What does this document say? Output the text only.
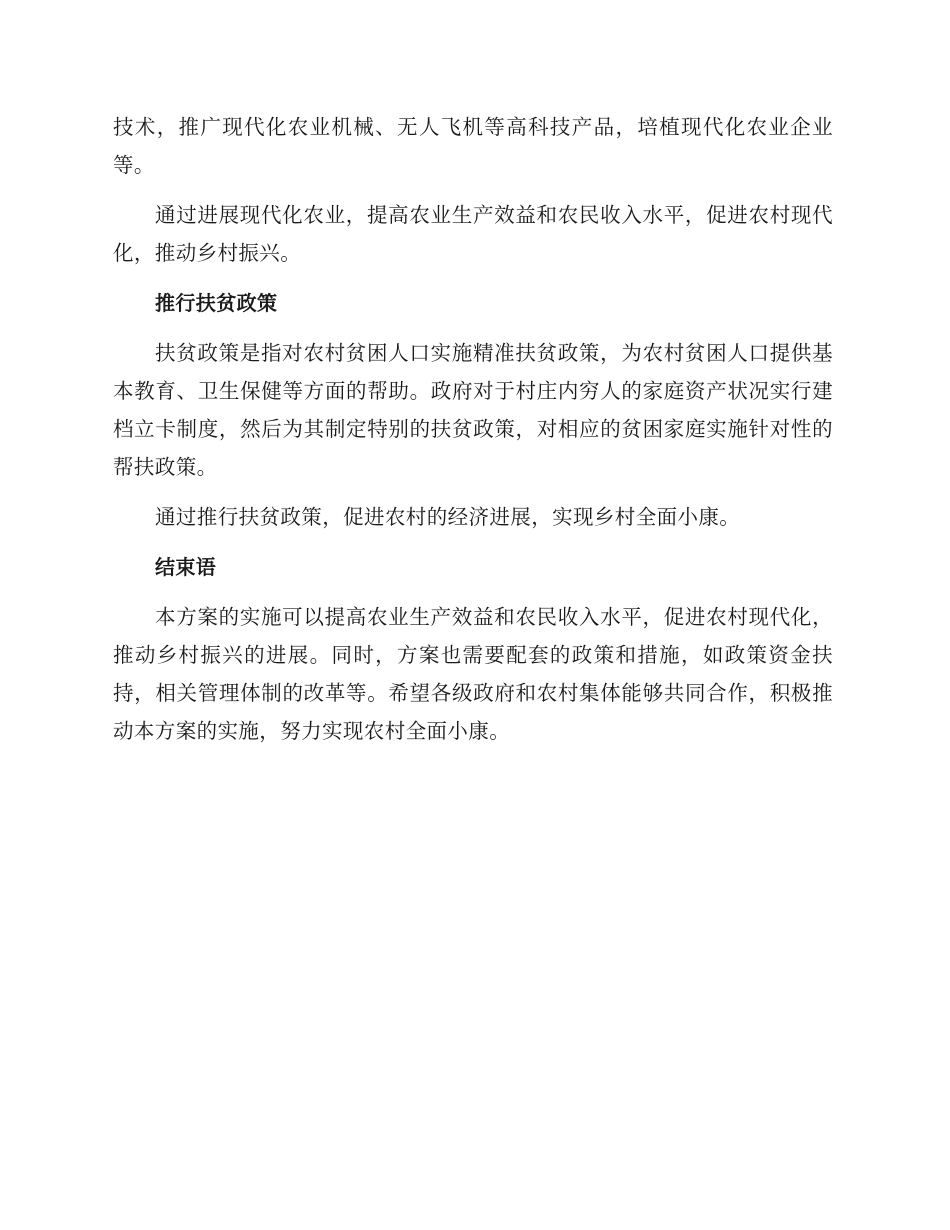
技术，推广现代化农业机械、无人飞机等高科技产品，培植现代化农业企业等。

通过进展现代化农业，提高农业生产效益和农民收入水平，促进农村现代化，推动乡村振兴。

推行扶贫政策

扶贫政策是指对农村贫困人口实施精准扶贫政策，为农村贫困人口提供基本教育、卫生保健等方面的帮助。政府对于村庄内穷人的家庭资产状况实行建档立卡制度，然后为其制定特别的扶贫政策，对相应的贫困家庭实施针对性的帮扶政策。

通过推行扶贫政策，促进农村的经济进展，实现乡村全面小康。

结束语

本方案的实施可以提高农业生产效益和农民收入水平，促进农村现代化，推动乡村振兴的进展。同时，方案也需要配套的政策和措施，如政策资金扶持，相关管理体制的改革等。希望各级政府和农村集体能够共同合作，积极推动本方案的实施，努力实现农村全面小康。
